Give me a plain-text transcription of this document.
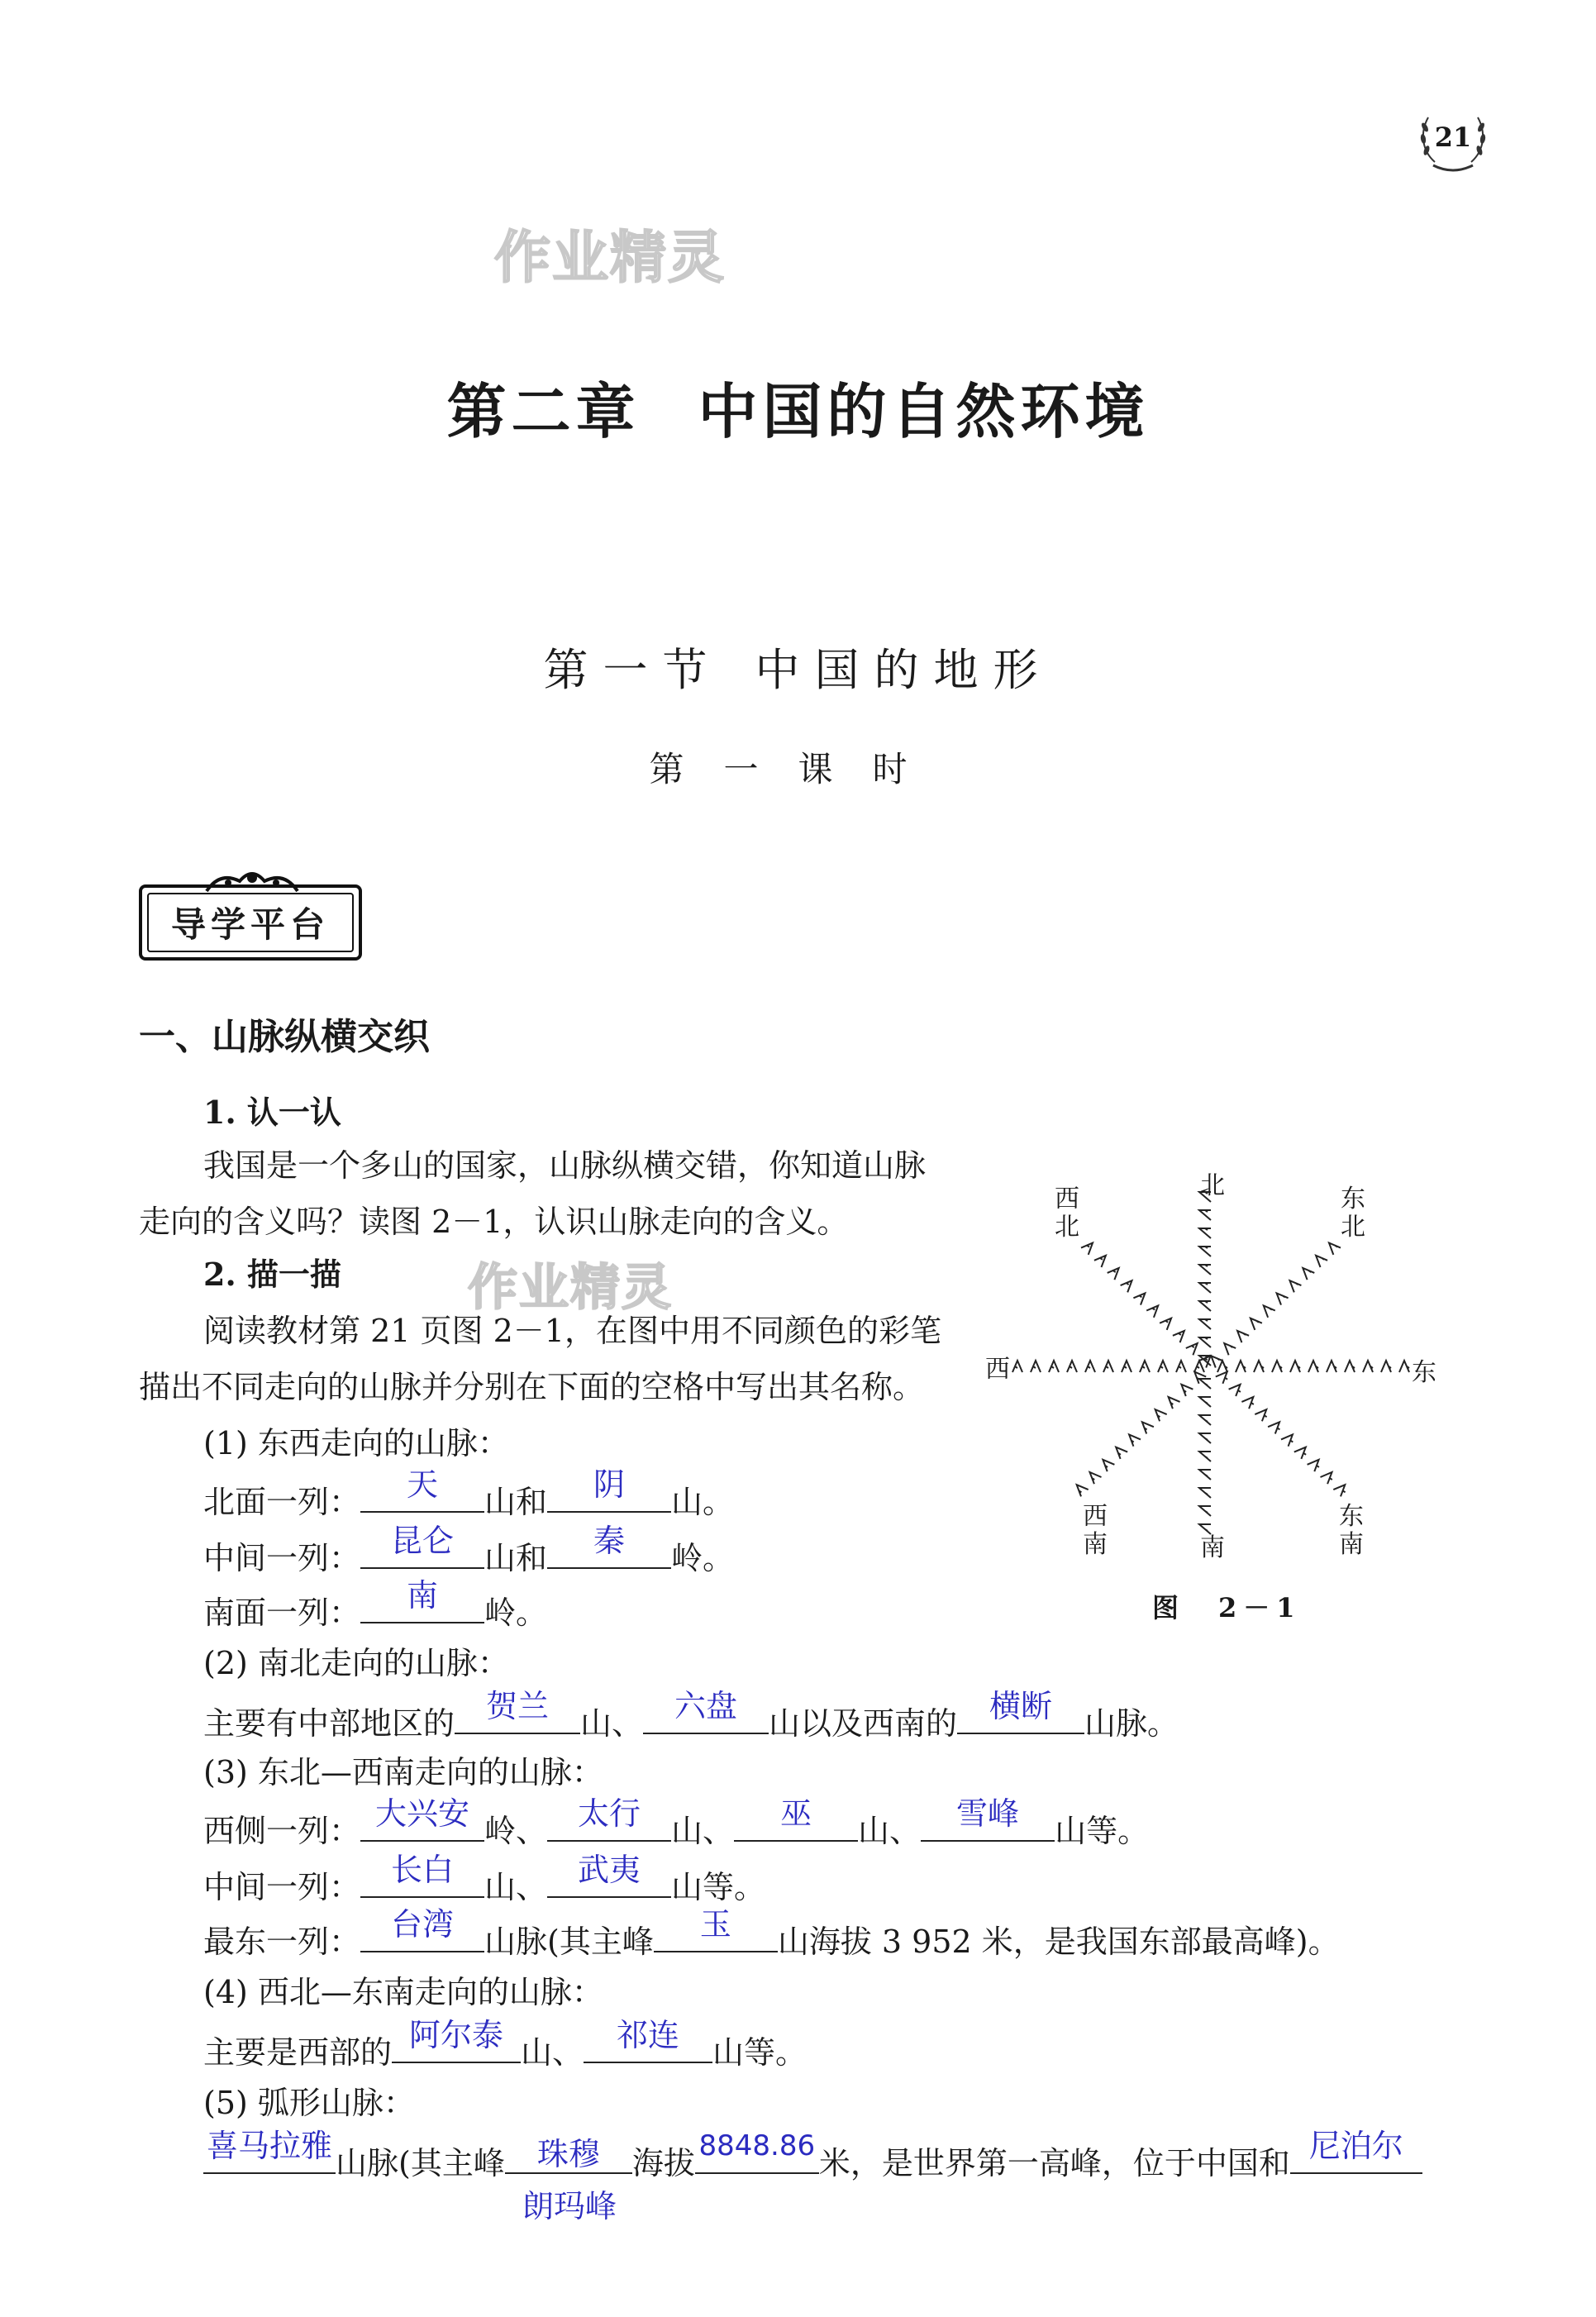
21
作业精灵
作业精灵
第二章 中国的自然环境
第一节 中国的地形
第一课时
导学平台
一、山脉纵横交织
1. 认一认
我国是一个多山的国家，山脉纵横交错，你知道山脉
走向的含义吗？读图 2－1，认识山脉走向的含义。
2. 描一描
阅读教材第 21 页图 2－1，在图中用不同颜色的彩笔
描出不同走向的山脉并分别在下面的空格中写出其名称。
北
西北
东北
西	东
西南	南
东南
图　2－1
(1) 东西走向的山脉：
北面一列：	天	山和	阴	山。
中间一列： 昆仑 山和	秦	岭。
南面一列：	南	岭。
(2) 南北走向的山脉：
主要有中部地区的 贺兰	山、 六盘	山以及西南的	横断	山脉。
(3) 东北—西南走向的山脉：
西侧一列： 大兴安 岭、 太行 山、	巫	山、	雪峰	山等。
中间一列： 长白 山、 武夷 山等。
最东一列： 台湾 山脉(其主峰	玉	山海拔 3 952 米，是我国东部最高峰)。
(4) 西北—东南走向的山脉：
主要是西部的 阿尔泰 山、	祁连	山等。
(5) 弧形山脉：
喜马拉雅 山脉(其主峰	珠穆	海拔 8848.86 米，是世界第一高峰，位于中国和 尼泊尔
朗玛峰
